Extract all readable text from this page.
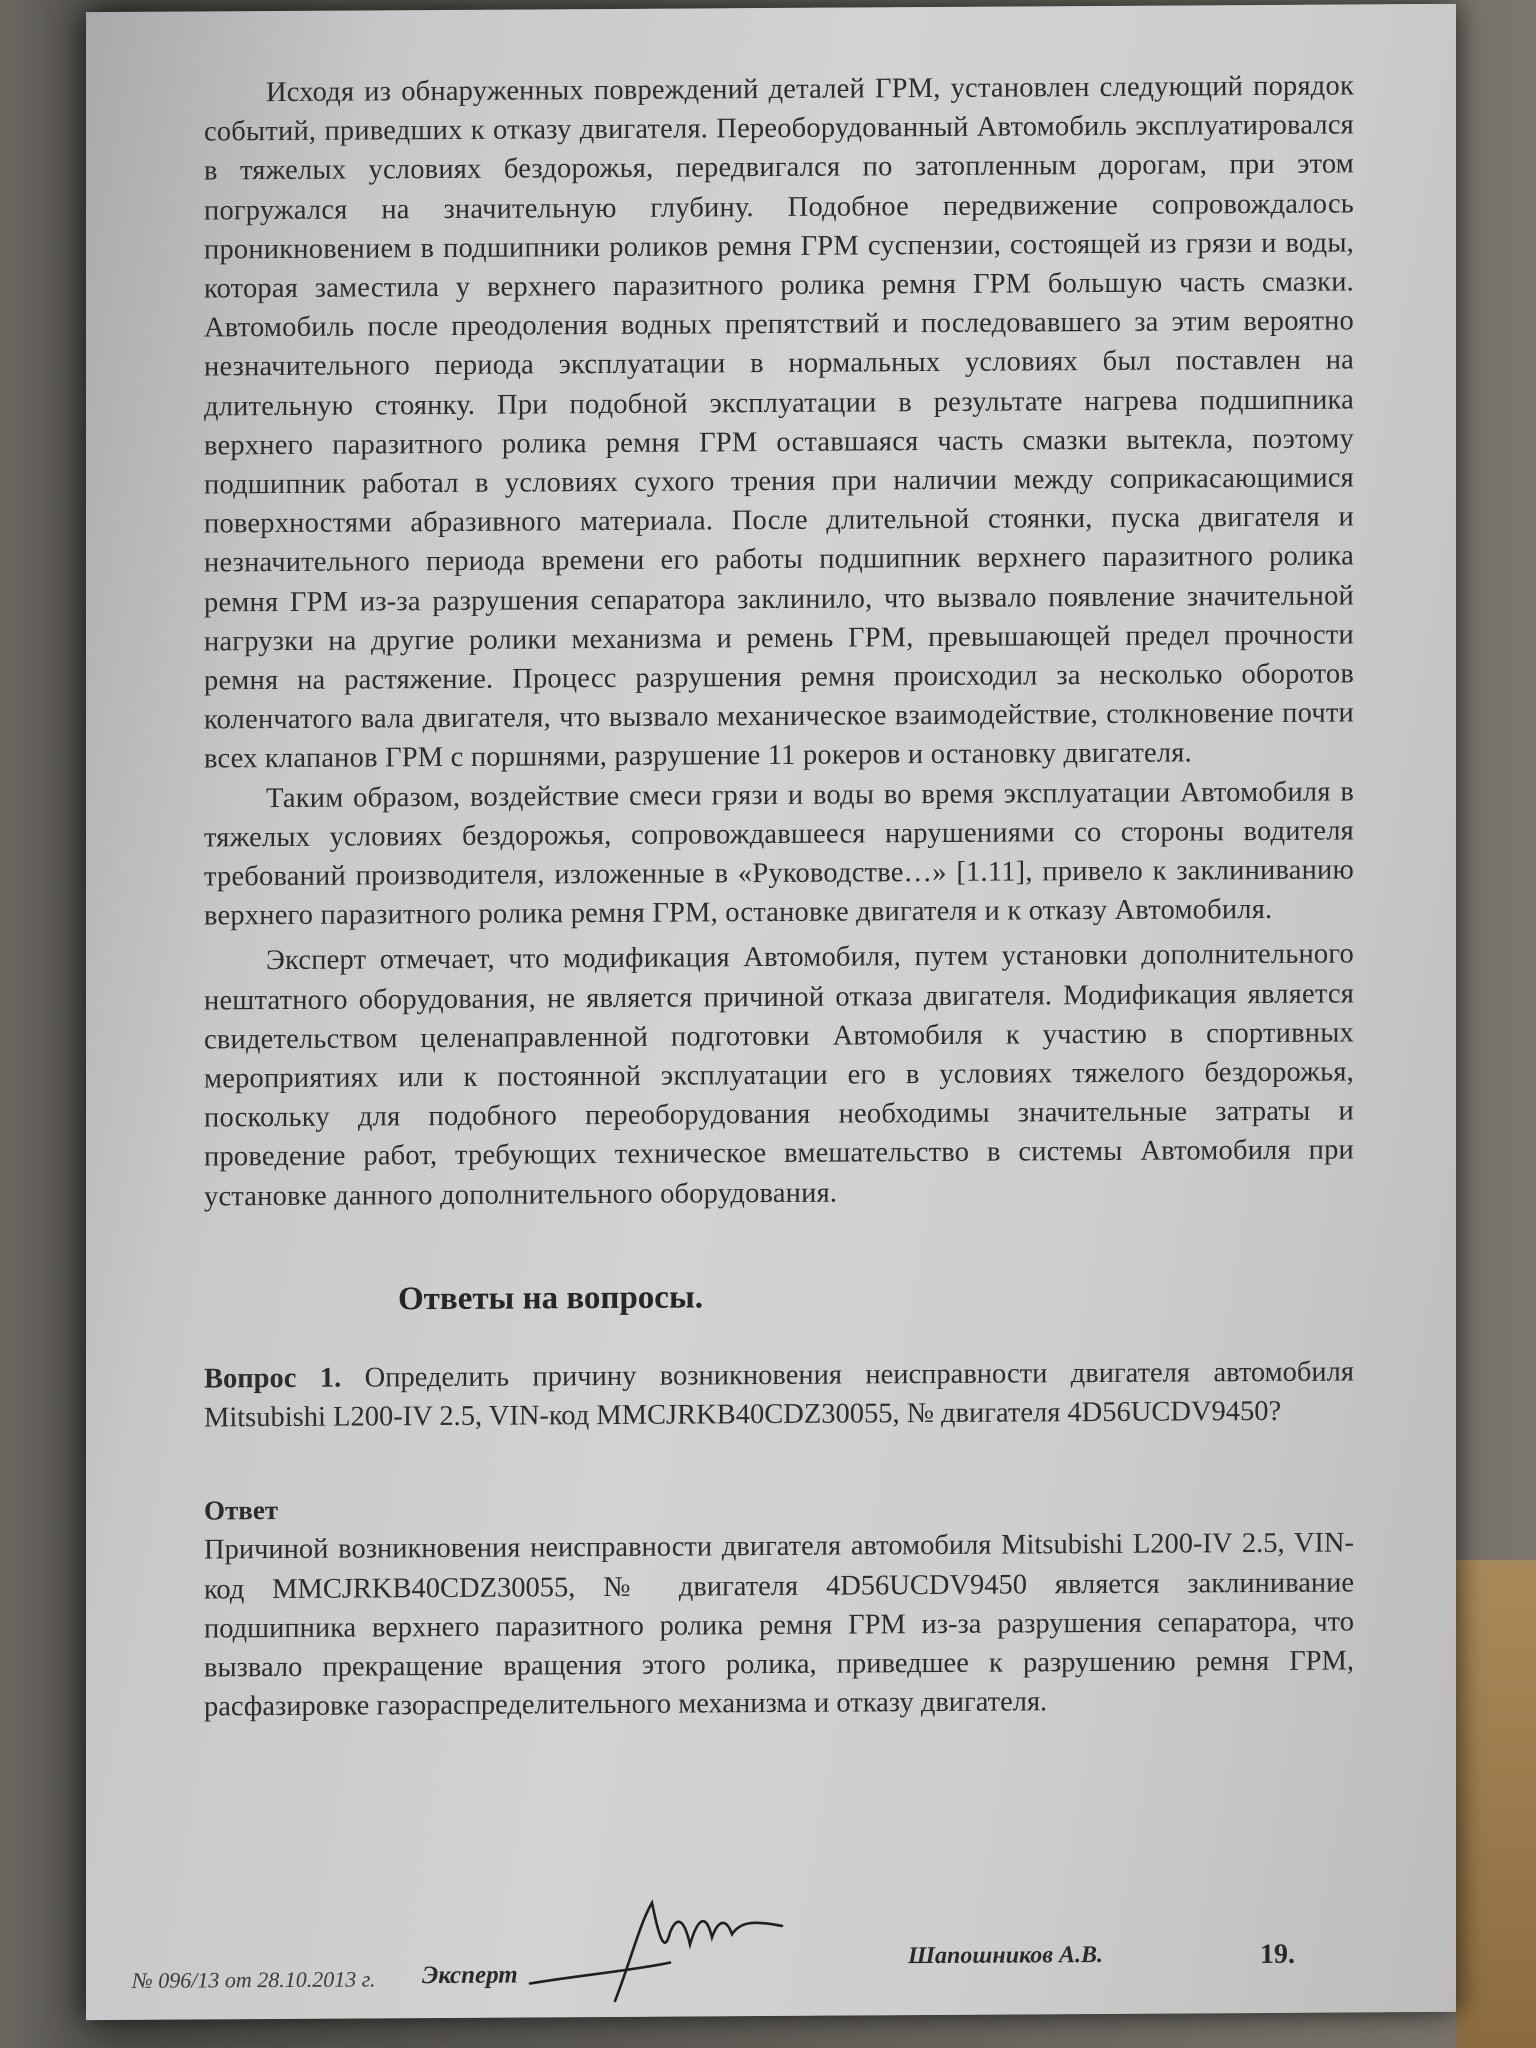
Исходя из обнаруженных повреждений деталей ГРМ, установлен следующий порядок событий, приведших к отказу двигателя. Переоборудованный Автомобиль эксплуатировался в тяжелых условиях бездорожья, передвигался по затопленным дорогам, при этом погружался на значительную глубину. Подобное передвижение сопровождалось проникновением в подшипники роликов ремня ГРМ суспензии, состоящей из грязи и воды, которая заместила у верхнего паразитного ролика ремня ГРМ большую часть смазки. Автомобиль после преодоления водных препятствий и последовавшего за этим вероятно незначительного периода эксплуатации в нормальных условиях был поставлен на длительную стоянку. При подобной эксплуатации в результате нагрева подшипника верхнего паразитного ролика ремня ГРМ оставшаяся часть смазки вытекла, поэтому подшипник работал в условиях сухого трения при наличии между соприкасающимися поверхностями абразивного материала. После длительной стоянки, пуска двигателя и незначительного периода времени его работы подшипник верхнего паразитного ролика ремня ГРМ из-за разрушения сепаратора заклинило, что вызвало появление значительной нагрузки на другие ролики механизма и ремень ГРМ, превышающей предел прочности ремня на растяжение. Процесс разрушения ремня происходил за несколько оборотов коленчатого вала двигателя, что вызвало механическое взаимодействие, столкновение почти всех клапанов ГРМ с поршнями, разрушение 11 рокеров и остановку двигателя.

Таким образом, воздействие смеси грязи и воды во время эксплуатации Автомобиля в тяжелых условиях бездорожья, сопровождавшееся нарушениями со стороны водителя требований производителя, изложенные в «Руководстве…» [1.11], привело к заклиниванию верхнего паразитного ролика ремня ГРМ, остановке двигателя и к отказу Автомобиля.

Эксперт отмечает, что модификация Автомобиля, путем установки дополнительного нештатного оборудования, не является причиной отказа двигателя. Модификация является свидетельством целенаправленной подготовки Автомобиля к участию в спортивных мероприятиях или к постоянной эксплуатации его в условиях тяжелого бездорожья, поскольку для подобного переоборудования необходимы значительные затраты и проведение работ, требующих техническое вмешательство в системы Автомобиля при установке данного дополнительного оборудования.

Ответы на вопросы.

Вопрос 1. Определить причину возникновения неисправности двигателя автомобиля Mitsubishi L200-IV 2.5, VIN-код MMCJRKB40CDZ30055, № двигателя 4D56UCDV9450?

Ответ

Причиной возникновения неисправности двигателя автомобиля Mitsubishi L200-IV 2.5, VIN-код MMCJRKB40CDZ30055, № двигателя 4D56UCDV9450 является заклинивание подшипника верхнего паразитного ролика ремня ГРМ из-за разрушения сепаратора, что вызвало прекращение вращения этого ролика, приведшее к разрушению ремня ГРМ, расфазировке газораспределительного механизма и отказу двигателя.

№ 096/13 от 28.10.2013 г. Эксперт
Шапошников А.В.	19.
